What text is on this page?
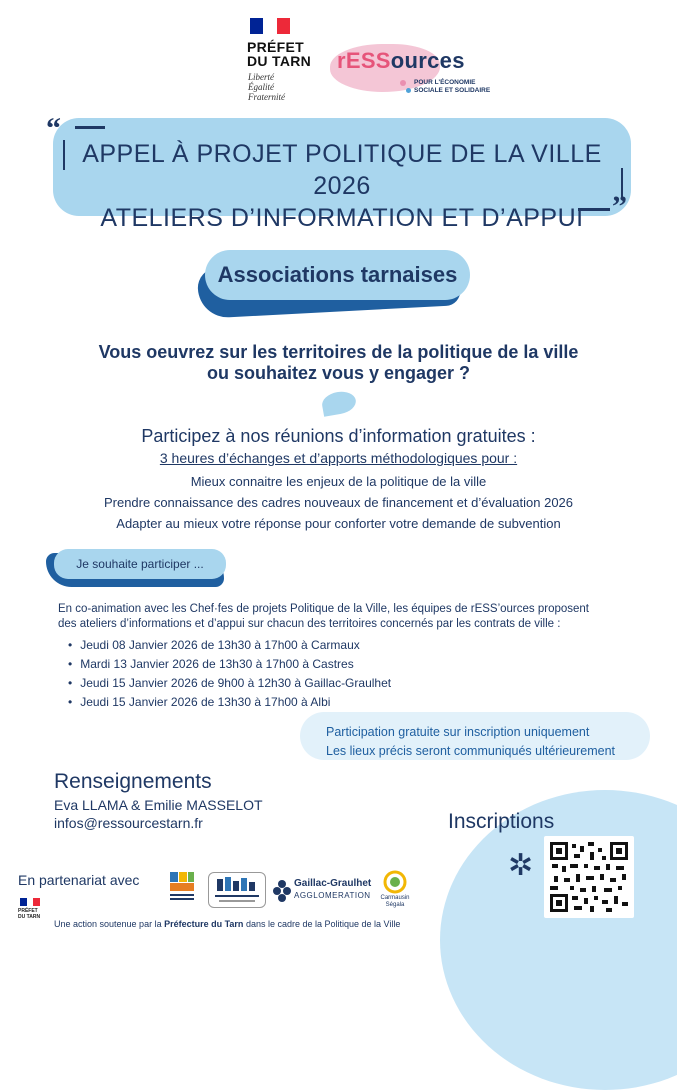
PRÉFET
DU TARN
Liberté
Égalité
Fraternité
rESSources
POUR L'ÉCONOMIE
SOCIALE ET SOLIDAIRE
“
”
APPEL À PROJET POLITIQUE DE LA VILLE 2026
ATELIERS D’INFORMATION ET D’APPUI
Associations tarnaises
Vous oeuvrez sur les territoires de la politique de la ville
ou souhaitez vous y engager ?
Participez à nos réunions d’information gratuites :
3 heures d’échanges et d’apports méthodologiques pour :
Mieux connaitre les enjeux de la politique de la ville
Prendre connaissance des cadres nouveaux de financement et d’évaluation 2026
Adapter au mieux votre réponse pour conforter votre demande de subvention
Je souhaite participer ...
En co-animation avec les Chef·fes de projets Politique de la Ville, les équipes de rESS’ources proposent
des ateliers d’informations et d’appui sur chacun des territoires concernés par les contrats de ville :
• Jeudi 08 Janvier 2026 de 13h30 à 17h00 à Carmaux
• Mardi 13 Janvier 2026 de 13h30 à 17h00 à Castres
• Jeudi 15 Janvier 2026 de 9h00 à 12h30 à Gaillac-Graulhet
• Jeudi 15 Janvier 2026 de 13h30 à 17h00 à Albi
Participation gratuite sur inscription uniquement
Les lieux précis seront communiqués ultérieurement
Renseignements
Eva LLAMA & Emilie MASSELOT
infos@ressourcestarn.fr	Inscriptions
✲
En partenariat avec
PRÉFET
DU TARN
Gaillac-Graulhet
AGGLOMERATION	Carmausin
Ségala
Une action soutenue par la Préfecture du Tarn dans le cadre de la Politique de la Ville
